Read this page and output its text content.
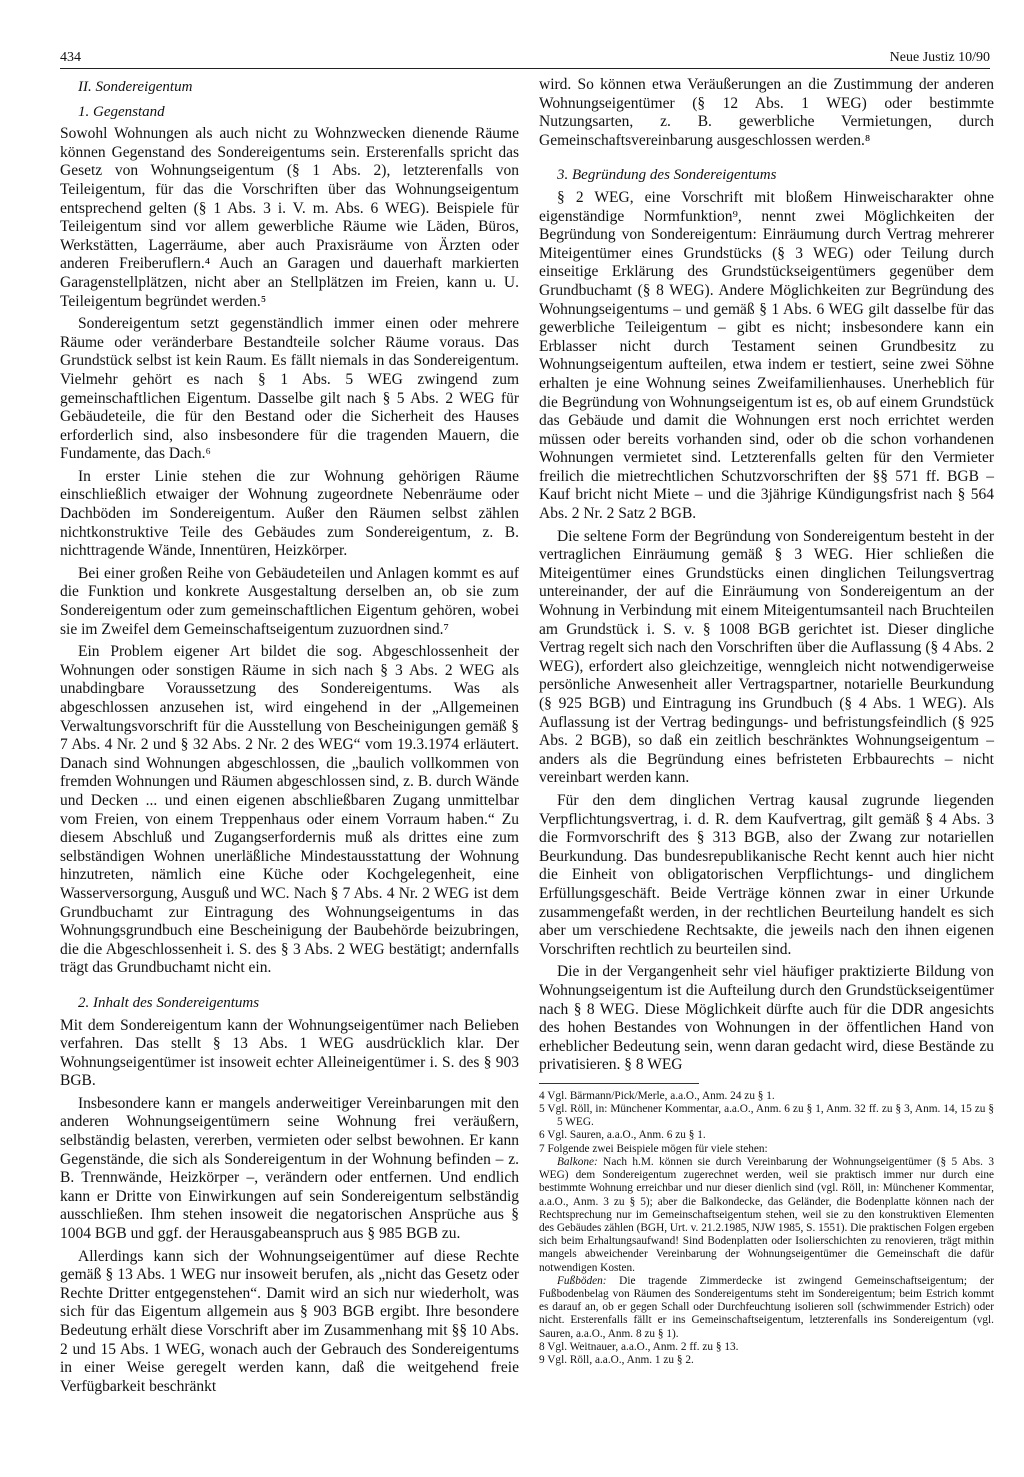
434	Neue Justiz 10/90
II. Sondereigentum
1. Gegenstand

Sowohl Wohnungen als auch nicht zu Wohnzwecken dienende Räume können Gegenstand des Sondereigentums sein. Ersterenfalls spricht das Gesetz von Wohnungseigentum (§ 1 Abs. 2), letzterenfalls von Teileigentum, für das die Vorschriften über das Wohnungseigentum entsprechend gelten (§ 1 Abs. 3 i. V. m. Abs. 6 WEG). Beispiele für Teileigentum sind vor allem gewerbliche Räume wie Läden, Büros, Werkstätten, Lagerräume, aber auch Praxisräume von Ärzten oder anderen Freiberuflern.⁴ Auch an Garagen und dauerhaft markierten Garagenstellplätzen, nicht aber an Stellplätzen im Freien, kann u. U. Teileigentum begründet werden.⁵

Sondereigentum setzt gegenständlich immer einen oder mehrere Räume oder veränderbare Bestandteile solcher Räume voraus. Das Grundstück selbst ist kein Raum. Es fällt niemals in das Sondereigentum. Vielmehr gehört es nach § 1 Abs. 5 WEG zwingend zum gemeinschaftlichen Eigentum. Dasselbe gilt nach § 5 Abs. 2 WEG für Gebäudeteile, die für den Bestand oder die Sicherheit des Hauses erforderlich sind, also insbesondere für die tragenden Mauern, die Fundamente, das Dach.⁶

In erster Linie stehen die zur Wohnung gehörigen Räume einschließlich etwaiger der Wohnung zugeordnete Nebenräume oder Dachböden im Sondereigentum. Außer den Räumen selbst zählen nichtkonstruktive Teile des Gebäudes zum Sondereigentum, z. B. nichttragende Wände, Innentüren, Heizkörper.

Bei einer großen Reihe von Gebäudeteilen und Anlagen kommt es auf die Funktion und konkrete Ausgestaltung derselben an, ob sie zum Sondereigentum oder zum gemeinschaftlichen Eigentum gehören, wobei sie im Zweifel dem Gemeinschaftseigentum zuzuordnen sind.⁷

Ein Problem eigener Art bildet die sog. Abgeschlossenheit der Wohnungen oder sonstigen Räume in sich nach § 3 Abs. 2 WEG als unabdingbare Voraussetzung des Sondereigentums. Was als abgeschlossen anzusehen ist, wird eingehend in der „Allgemeinen Verwaltungsvorschrift für die Ausstellung von Bescheinigungen gemäß § 7 Abs. 4 Nr. 2 und § 32 Abs. 2 Nr. 2 des WEG“ vom 19.3.1974 erläutert. Danach sind Wohnungen abgeschlossen, die „baulich vollkommen von fremden Wohnungen und Räumen abgeschlossen sind, z. B. durch Wände und Decken ... und einen eigenen abschließbaren Zugang unmittelbar vom Freien, von einem Treppenhaus oder einem Vorraum haben.“ Zu diesem Abschluß und Zugangserfordernis muß als drittes eine zum selbständigen Wohnen unerläßliche Mindestausstattung der Wohnung hinzutreten, nämlich eine Küche oder Kochgelegenheit, eine Wasserversorgung, Ausguß und WC. Nach § 7 Abs. 4 Nr. 2 WEG ist dem Grundbuchamt zur Eintragung des Wohnungseigentums in das Wohnungsgrundbuch eine Bescheinigung der Baubehörde beizubringen, die die Abgeschlossenheit i. S. des § 3 Abs. 2 WEG bestätigt; andernfalls trägt das Grundbuchamt nicht ein.

2. Inhalt des Sondereigentums

Mit dem Sondereigentum kann der Wohnungseigentümer nach Belieben verfahren. Das stellt § 13 Abs. 1 WEG ausdrücklich klar. Der Wohnungseigentümer ist insoweit echter Alleineigentümer i. S. des § 903 BGB.

Insbesondere kann er mangels anderweitiger Vereinbarungen mit den anderen Wohnungseigentümern seine Wohnung frei veräußern, selbständig belasten, vererben, vermieten oder selbst bewohnen. Er kann Gegenstände, die sich als Sondereigentum in der Wohnung befinden – z. B. Trennwände, Heizkörper –, verändern oder entfernen. Und endlich kann er Dritte von Einwirkungen auf sein Sondereigentum selbständig ausschließen. Ihm stehen insoweit die negatorischen Ansprüche aus § 1004 BGB und ggf. der Herausgabeanspruch aus § 985 BGB zu.

Allerdings kann sich der Wohnungseigentümer auf diese Rechte gemäß § 13 Abs. 1 WEG nur insoweit berufen, als „nicht das Gesetz oder Rechte Dritter entgegenstehen“. Damit wird an sich nur wiederholt, was sich für das Eigentum allgemein aus § 903 BGB ergibt. Ihre besondere Bedeutung erhält diese Vorschrift aber im Zusammenhang mit §§ 10 Abs. 2 und 15 Abs. 1 WEG, wonach auch der Gebrauch des Sondereigentums in einer Weise geregelt werden kann, daß die weitgehend freie Verfügbarkeit beschränkt

wird. So können etwa Veräußerungen an die Zustimmung der anderen Wohnungseigentümer (§ 12 Abs. 1 WEG) oder bestimmte Nutzungsarten, z. B. gewerbliche Vermietungen, durch Gemeinschaftsvereinbarung ausgeschlossen werden.⁸

3. Begründung des Sondereigentums

§ 2 WEG, eine Vorschrift mit bloßem Hinweischarakter ohne eigenständige Normfunktion⁹, nennt zwei Möglichkeiten der Begründung von Sondereigentum: Einräumung durch Vertrag mehrerer Miteigentümer eines Grundstücks (§ 3 WEG) oder Teilung durch einseitige Erklärung des Grundstückseigentümers gegenüber dem Grundbuchamt (§ 8 WEG). Andere Möglichkeiten zur Begründung des Wohnungseigentums – und gemäß § 1 Abs. 6 WEG gilt dasselbe für das gewerbliche Teileigentum – gibt es nicht; insbesondere kann ein Erblasser nicht durch Testament seinen Grundbesitz zu Wohnungseigentum aufteilen, etwa indem er testiert, seine zwei Söhne erhalten je eine Wohnung seines Zweifamilienhauses. Unerheblich für die Begründung von Wohnungseigentum ist es, ob auf einem Grundstück das Gebäude und damit die Wohnungen erst noch errichtet werden müssen oder bereits vorhanden sind, oder ob die schon vorhandenen Wohnungen vermietet sind. Letzterenfalls gelten für den Vermieter freilich die mietrechtlichen Schutzvorschriften der §§ 571 ff. BGB – Kauf bricht nicht Miete – und die 3jährige Kündigungsfrist nach § 564 Abs. 2 Nr. 2 Satz 2 BGB.

Die seltene Form der Begründung von Sondereigentum besteht in der vertraglichen Einräumung gemäß § 3 WEG. Hier schließen die Miteigentümer eines Grundstücks einen dinglichen Teilungsvertrag untereinander, der auf die Einräumung von Sondereigentum an der Wohnung in Verbindung mit einem Miteigentumsanteil nach Bruchteilen am Grundstück i. S. v. § 1008 BGB gerichtet ist. Dieser dingliche Vertrag regelt sich nach den Vorschriften über die Auflassung (§ 4 Abs. 2 WEG), erfordert also gleichzeitige, wenngleich nicht notwendigerweise persönliche Anwesenheit aller Vertragspartner, notarielle Beurkundung (§ 925 BGB) und Eintragung ins Grundbuch (§ 4 Abs. 1 WEG). Als Auflassung ist der Vertrag bedingungs- und befristungsfeindlich (§ 925 Abs. 2 BGB), so daß ein zeitlich beschränktes Wohnungseigentum – anders als die Begründung eines befristeten Erbbaurechts – nicht vereinbart werden kann.

Für den dem dinglichen Vertrag kausal zugrunde liegenden Verpflichtungsvertrag, i. d. R. dem Kaufvertrag, gilt gemäß § 4 Abs. 3 die Formvorschrift des § 313 BGB, also der Zwang zur notariellen Beurkundung. Das bundesrepublikanische Recht kennt auch hier nicht die Einheit von obligatorischen Verpflichtungs- und dinglichem Erfüllungsgeschäft. Beide Verträge können zwar in einer Urkunde zusammengefaßt werden, in der rechtlichen Beurteilung handelt es sich aber um verschiedene Rechtsakte, die jeweils nach den ihnen eigenen Vorschriften rechtlich zu beurteilen sind.

Die in der Vergangenheit sehr viel häufiger praktizierte Bildung von Wohnungseigentum ist die Aufteilung durch den Grundstückseigentümer nach § 8 WEG. Diese Möglichkeit dürfte auch für die DDR angesichts des hohen Bestandes von Wohnungen in der öffentlichen Hand von erheblicher Bedeutung sein, wenn daran gedacht wird, diese Bestände zu privatisieren. § 8 WEG

4 Vgl. Bärmann/Pick/Merle, a.a.O., Anm. 24 zu § 1.

5 Vgl. Röll, in: Münchener Kommentar, a.a.O., Anm. 6 zu § 1, Anm. 32 ff. zu § 3, Anm. 14, 15 zu § 5 WEG.

6 Vgl. Sauren, a.a.O., Anm. 6 zu § 1.

7 Folgende zwei Beispiele mögen für viele stehen:

Balkone: Nach h.M. können sie durch Vereinbarung der Wohnungseigentümer (§ 5 Abs. 3 WEG) dem Sondereigentum zugerechnet werden, weil sie praktisch immer nur durch eine bestimmte Wohnung erreichbar und nur dieser dienlich sind (vgl. Röll, in: Münchener Kommentar, a.a.O., Anm. 3 zu § 5); aber die Balkondecke, das Geländer, die Bodenplatte können nach der Rechtsprechung nur im Gemeinschaftseigentum stehen, weil sie zu den konstruktiven Elementen des Gebäudes zählen (BGH, Urt. v. 21.2.1985, NJW 1985, S. 1551). Die praktischen Folgen ergeben sich beim Erhaltungsaufwand! Sind Bodenplatten oder Isolierschichten zu renovieren, trägt mithin mangels abweichender Vereinbarung der Wohnungseigentümer die Gemeinschaft die dafür notwendigen Kosten.

Fußböden: Die tragende Zimmerdecke ist zwingend Gemeinschaftseigentum; der Fußbodenbelag von Räumen des Sondereigentums steht im Sondereigentum; beim Estrich kommt es darauf an, ob er gegen Schall oder Durchfeuchtung isolieren soll (schwimmender Estrich) oder nicht. Ersterenfalls fällt er ins Gemeinschaftseigentum, letzterenfalls ins Sondereigentum (vgl. Sauren, a.a.O., Anm. 8 zu § 1).

8 Vgl. Weitnauer, a.a.O., Anm. 2 ff. zu § 13.

9 Vgl. Röll, a.a.O., Anm. 1 zu § 2.
